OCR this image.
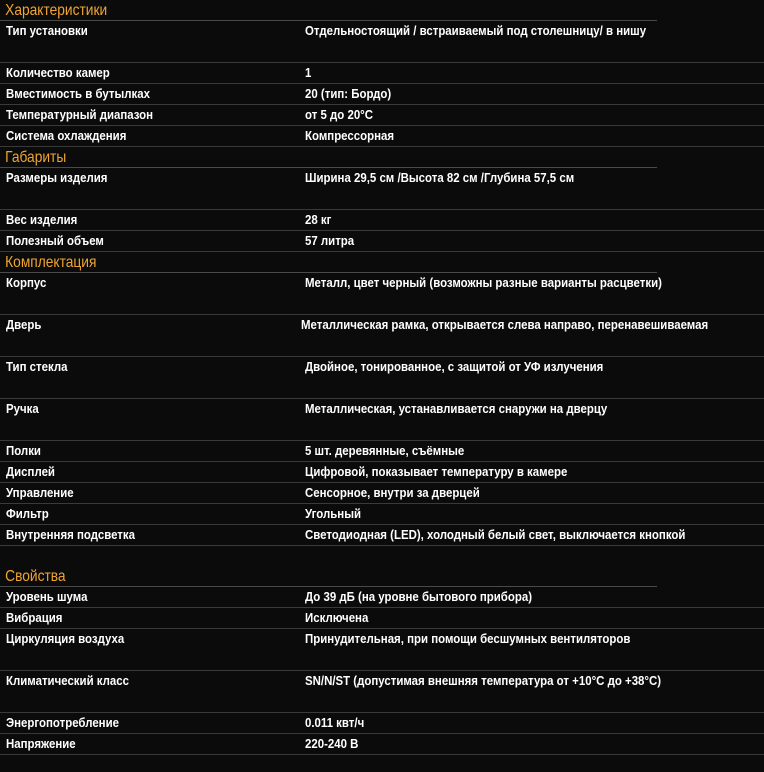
Характеристики
Тип установки	Отдельностоящий / встраиваемый под столешницу/ в нишу
Количество камер	1
Вместимость в бутылках	20 (тип: Бордо)
Температурный диапазон	от 5 до 20°С
Система охлаждения	Компрессорная
Габариты
Размеры изделия	Ширина 29,5 см /Высота 82 см /Глубина 57,5 см
Вес изделия	28 кг
Полезный объем	57 литра
Комплектация
Корпус	Металл, цвет черный (возможны разные варианты расцветки)
Дверь	Металлическая рамка, открывается слева направо, перенавешиваемая
Тип стекла	Двойное, тонированное, с защитой от УФ излучения
Ручка	Металлическая, устанавливается снаружи на дверцу
Полки	5 шт. деревянные, съёмные
Дисплей	Цифровой, показывает температуру в камере
Управление	Сенсорное, внутри за дверцей
Фильтр	Угольный
Внутренняя подсветка	Светодиодная (LED), холодный белый свет, выключается кнопкой
Свойства
Уровень шума	До 39 дБ (на уровне бытового прибора)
Вибрация	Исключена
Циркуляция воздуха	Принудительная, при помощи бесшумных вентиляторов
Климатический класс	SN/N/ST (допустимая внешняя температура от +10°С до +38°С)
Энергопотребление	0.011 квт/ч
Напряжение	220-240 В
